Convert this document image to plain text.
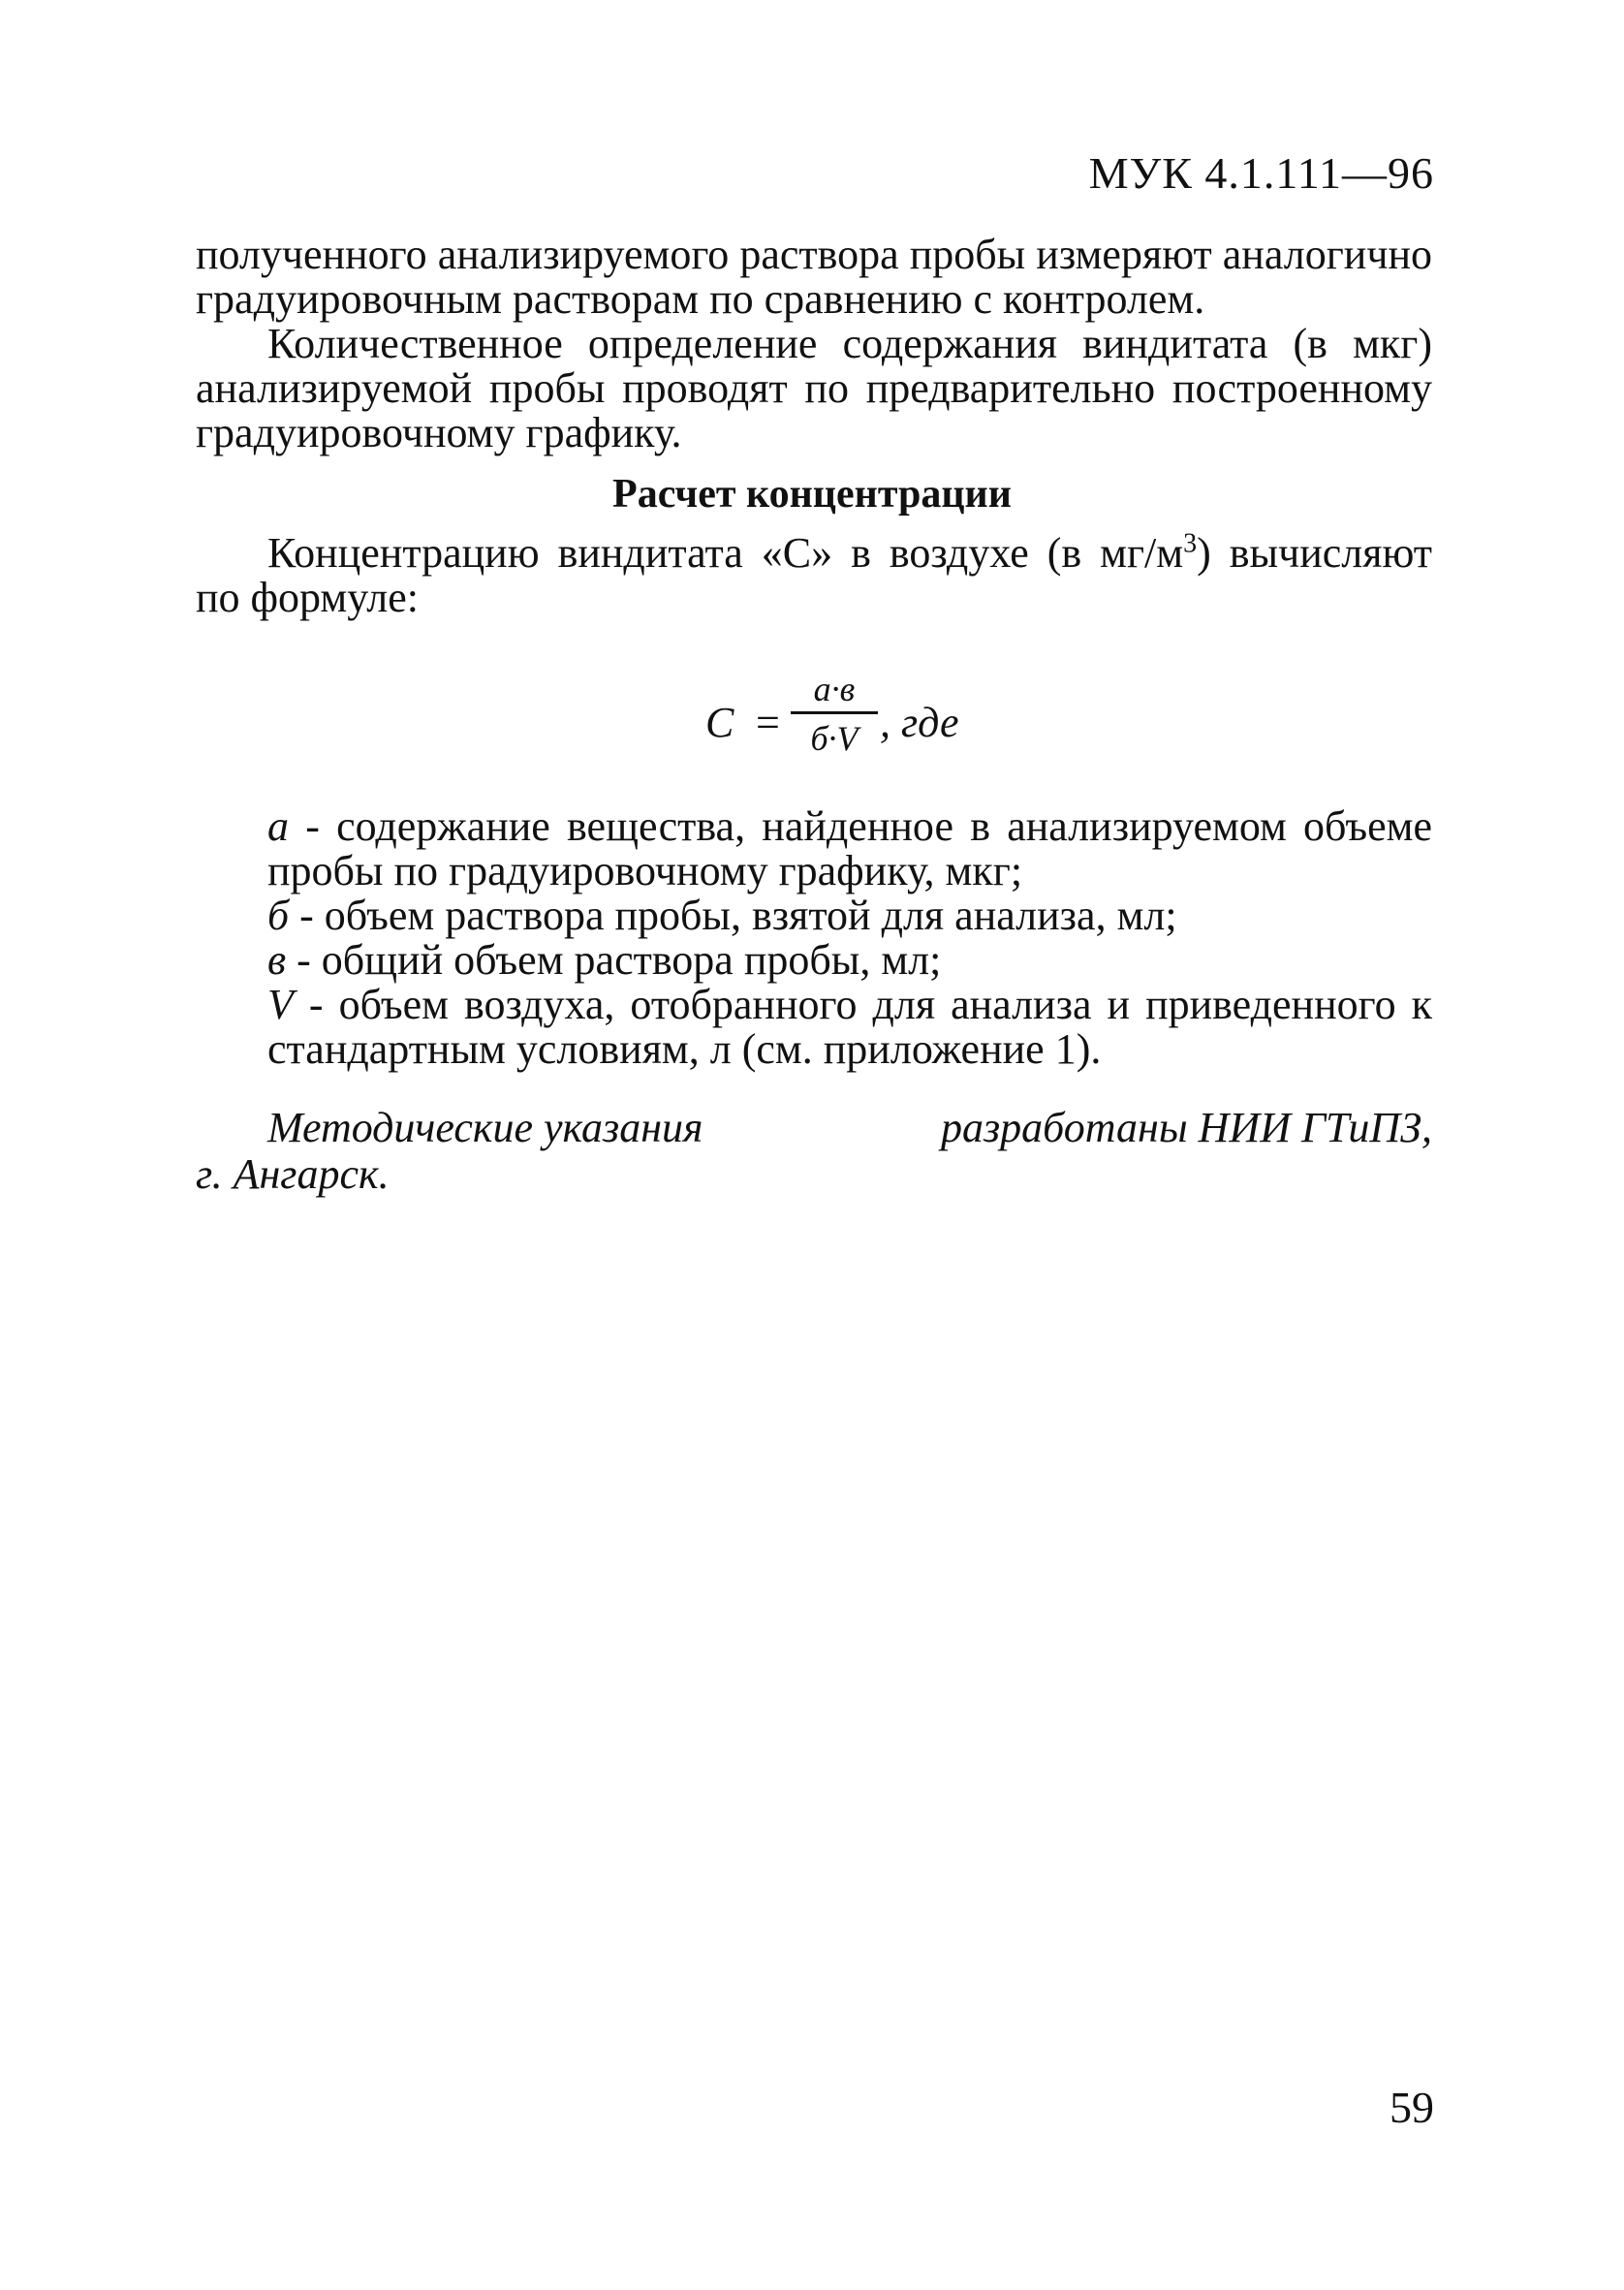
МУК 4.1.111—96
полученного анализируемого раствора пробы измеряют аналогично градуировочным растворам по сравнению с контролем.
Количественное определение содержания виндитата (в мкг) анализируемой пробы проводят по предварительно построенному градуировочному графику.
Расчет концентрации
Концентрацию виндитата «С» в воздухе (в $мг/м^3$) вычисляют по формуле:
C =
a·в
б·V , где
а - содержание вещества, найденное в анализируемом объеме пробы по градуировочному графику, мкг;
б - объем раствора пробы, взятой для анализа, мл;
в - общий объем раствора пробы, мл;
V - объем воздуха, отобранного для анализа и приведенного к стандартным условиям, л (см. приложение 1).
Методические указания	разработаны НИИ ГТиПЗ,
г. Ангарск.
59
